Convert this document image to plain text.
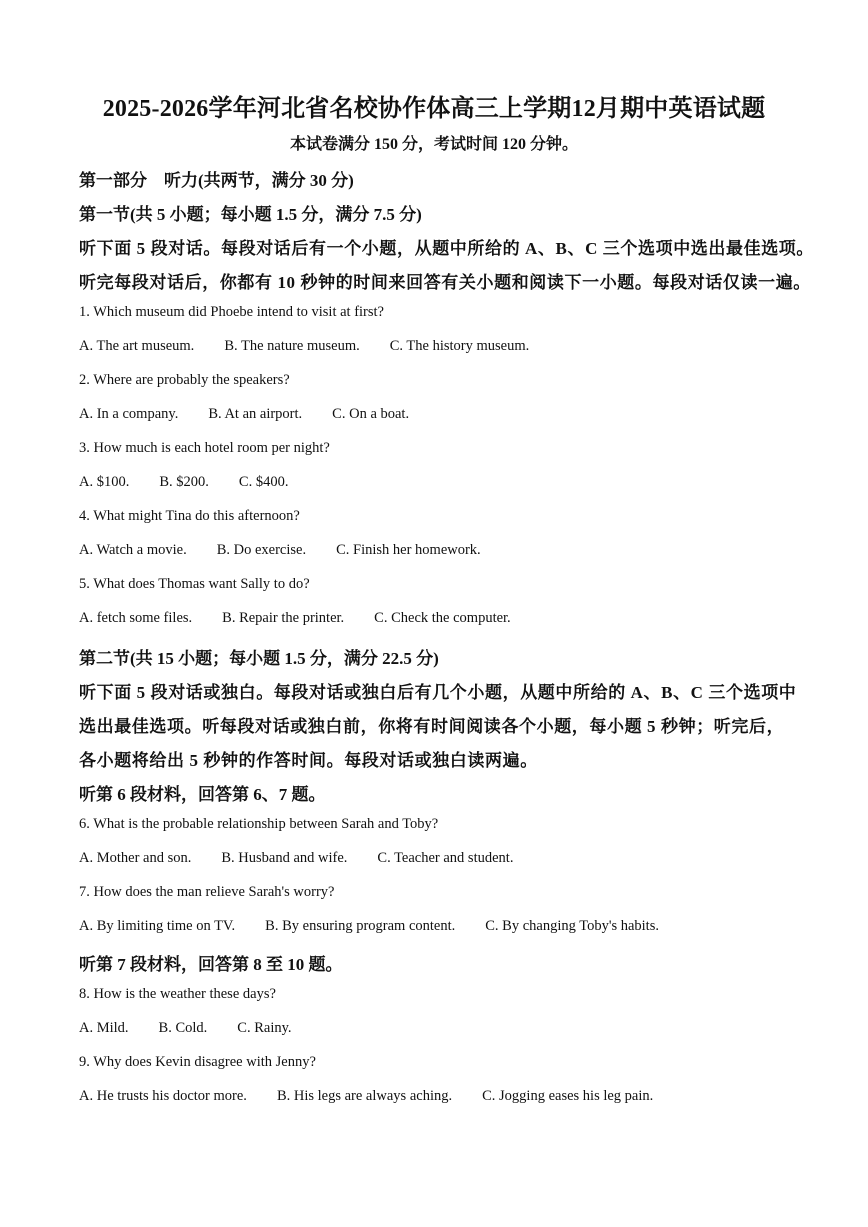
2025-2026学年河北省名校协作体高三上学期12月期中英语试题
本试卷满分 150 分，考试时间 120 分钟。
第一部分　听力(共两节，满分 30 分)
第一节(共 5 小题；每小题 1.5 分，满分 7.5 分)
听下面 5 段对话。每段对话后有一个小题，从题中所给的 A、B、C 三个选项中选出最佳选项。
听完每段对话后，你都有 10 秒钟的时间来回答有关小题和阅读下一小题。每段对话仅读一遍。
1. Which museum did Phoebe intend to visit at first?
A. The art museum. B. The nature museum. C. The history museum.
2. Where are probably the speakers?
A. In a company. B. At an airport. C. On a boat.
3. How much is each hotel room per night?
A. $100. B. $200. C. $400.
4. What might Tina do this afternoon?
A. Watch a movie. B. Do exercise. C. Finish her homework.
5. What does Thomas want Sally to do?
A. fetch some files. B. Repair the printer. C. Check the computer.
第二节(共 15 小题；每小题 1.5 分，满分 22.5 分)
听下面 5 段对话或独白。每段对话或独白后有几个小题，从题中所给的 A、B、C 三个选项中
选出最佳选项。听每段对话或独白前，你将有时间阅读各个小题，每小题 5 秒钟；听完后，
各小题将给出 5 秒钟的作答时间。每段对话或独白读两遍。
听第 6 段材料，回答第 6、7 题。
6. What is the probable relationship between Sarah and Toby?
A. Mother and son. B. Husband and wife. C. Teacher and student.
7. How does the man relieve Sarah's worry?
A. By limiting time on TV. B. By ensuring program content. C. By changing Toby's habits.
听第 7 段材料，回答第 8 至 10 题。
8. How is the weather these days?
A. Mild. B. Cold. C. Rainy.
9. Why does Kevin disagree with Jenny?
A. He trusts his doctor more. B. His legs are always aching. C. Jogging eases his leg pain.
